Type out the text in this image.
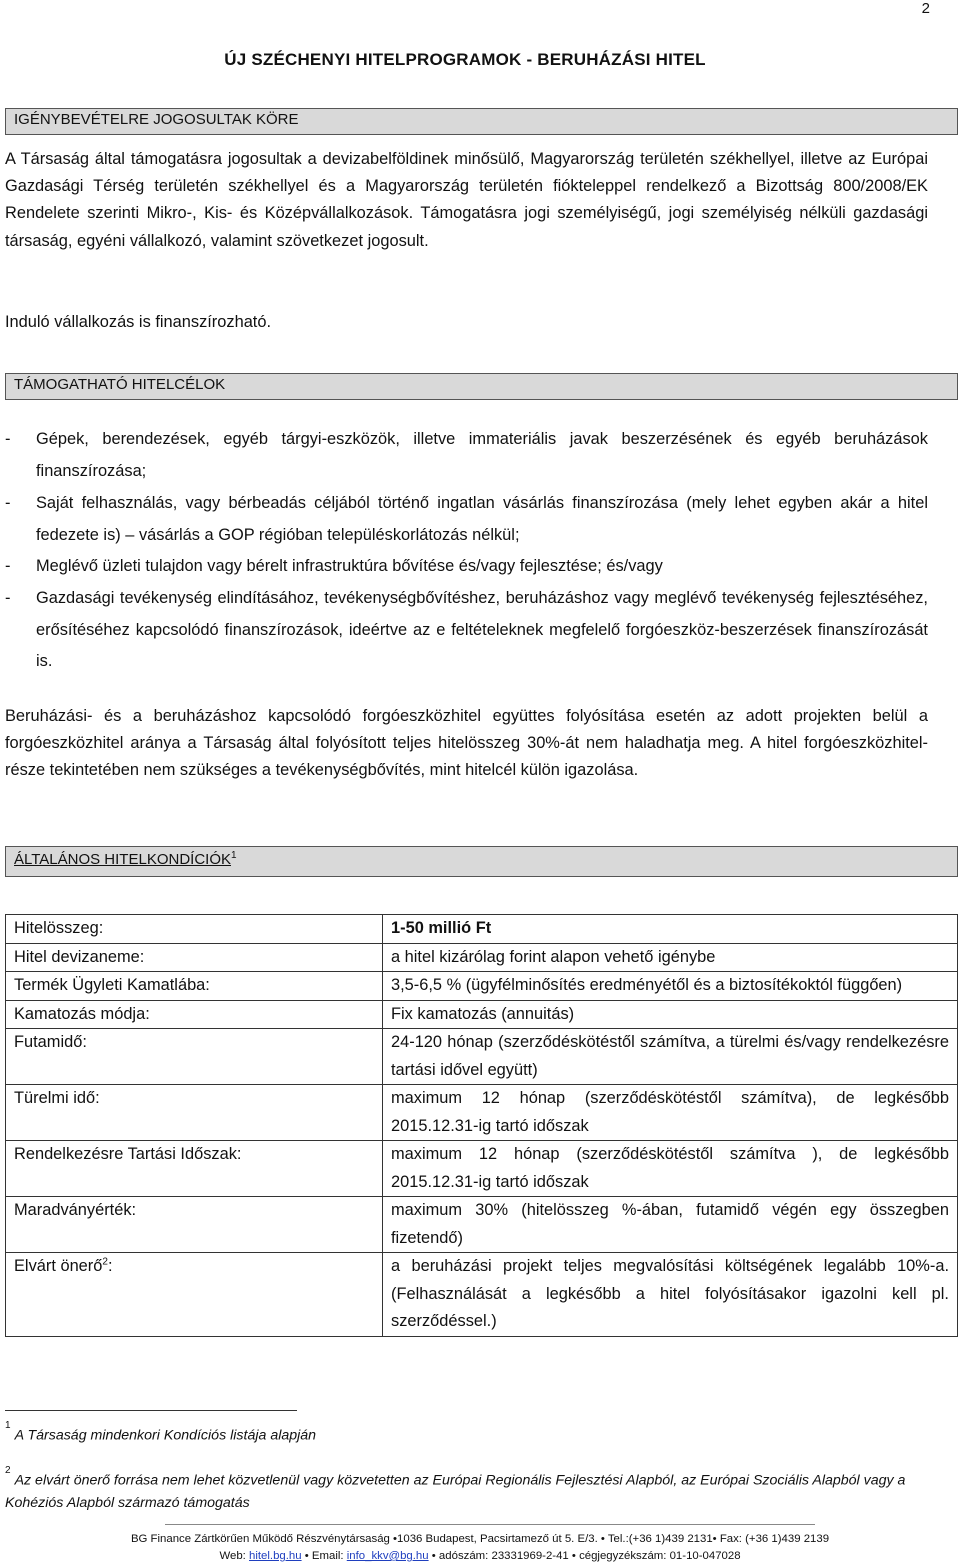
2
ÚJ SZÉCHENYI HITELPROGRAMOK - BERUHÁZÁSI HITEL
IGÉNYBEVÉTELRE JOGOSULTAK KÖRE
A Társaság által támogatásra jogosultak a devizabelföldinek minősülő, Magyarország területén székhellyel, illetve az Európai Gazdasági Térség területén székhellyel és a Magyarország területén fiókteleppel rendelkező a Bizottság 800/2008/EK Rendelete szerinti Mikro-, Kis- és Középvállalkozások. Támogatásra jogi személyiségű, jogi személyiség nélküli gazdasági társaság, egyéni vállalkozó, valamint szövetkezet jogosult.
Induló vállalkozás is finanszírozható.
TÁMOGATHATÓ HITELCÉLOK
- Gépek, berendezések, egyéb tárgyi-eszközök, illetve immateriális javak beszerzésének és egyéb beruházások finanszírozása;
- Saját felhasználás, vagy bérbeadás céljából történő ingatlan vásárlás finanszírozása (mely lehet egyben akár a hitel fedezete is) – vásárlás a GOP régióban településkorlátozás nélkül;
- Meglévő üzleti tulajdon vagy bérelt infrastruktúra bővítése és/vagy fejlesztése; és/vagy
- Gazdasági tevékenység elindításához, tevékenységbővítéshez, beruházáshoz vagy meglévő tevékenység fejlesztéséhez, erősítéséhez kapcsolódó finanszírozások, ideértve az e feltételeknek megfelelő forgóeszköz-beszerzések finanszírozását is.
Beruházási- és a beruházáshoz kapcsolódó forgóeszközhitel együttes folyósítása esetén az adott projekten belül a forgóeszközhitel aránya a Társaság által folyósított teljes hitelösszeg 30%-át nem haladhatja meg. A hitel forgóeszközhitel-része tekintetében nem szükséges a tevékenységbővítés, mint hitelcél külön igazolása.
ÁLTALÁNOS HITELKONDÍCIÓK$^1$
Hitelösszeg:	1-50 millió Ft
Hitel devizaneme:	a hitel kizárólag forint alapon vehető igénybe
Termék Ügyleti Kamatlába:	3,5-6,5 % (ügyfélminősítés eredményétől és a biztosítékoktól függően)
Kamatozás módja:	Fix kamatozás (annuitás)
Futamidő:	24-120 hónap (szerződéskötéstől számítva, a türelmi és/vagy rendelkezésre tartási idővel együtt)
Türelmi idő:	maximum 12 hónap (szerződéskötéstől számítva), de legkésőbb 2015.12.31-ig tartó időszak
Rendelkezésre Tartási Időszak:	maximum 12 hónap (szerződéskötéstől számítva ), de legkésőbb 2015.12.31-ig tartó időszak
Maradványérték:	maximum 30% (hitelösszeg %-ában, futamidő végén egy összegben fizetendő)
Elvárt önerő$^2$:	a beruházási projekt teljes megvalósítási költségének legalább 10%-a. (Felhasználását a legkésőbb a hitel folyósításakor igazolni kell pl. szerződéssel.)
$^1$A Társaság mindenkori Kondíciós listája alapján
$^2$Az elvárt önerő forrása nem lehet közvetlenül vagy közvetetten az Európai Regionális Fejlesztési Alapból, az Európai Szociális Alapból vagy a Kohéziós Alapból származó támogatás
BG Finance Zártkörűen Működő Részvénytársaság •1036 Budapest, Pacsirtamező út 5. E/3. • Tel.:(+36 1)439 2131• Fax: (+36 1)439 2139
Web: hitel.bg.hu • Email: info_kkv@bg.hu • adószám: 23331969-2-41 • cégjegyzékszám: 01-10-047028
